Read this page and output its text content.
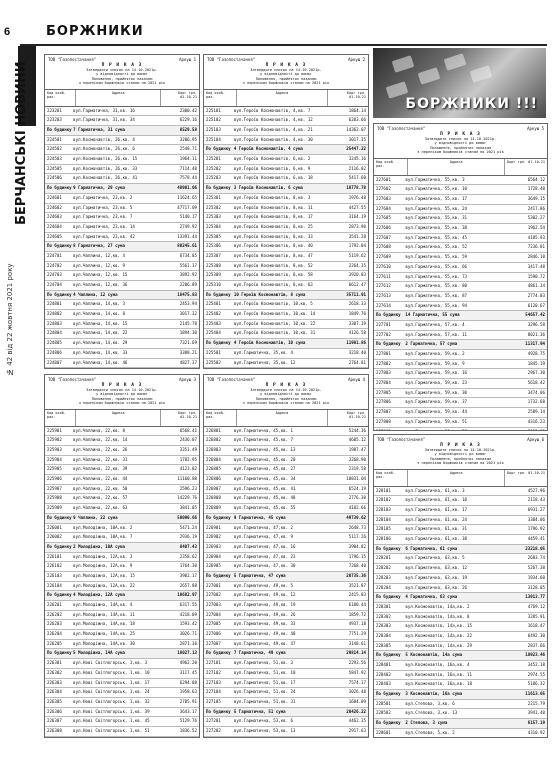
6	БОРЖНИКИ
БЕРЧАНСЬКІ НОВИНИ
№ 42 від 22 жовтня 2021 року
БОРЖНИКИ !!!
ТОВ "Газопостачання"	Аркуш 1
П Р И К А З
Затвердити список на 14.10.2021р.
у відповідності до вимог
Положення, прийнятих наказом
з переліком боржників станом на 2021 рік
Код особ. рах.
Адреса	Борг грн. 01.10.21
223201	вул.Гарматична, 31,кв. 16	2300.42
223203	вул.Гарматична, 31,кв. 34	6229.16
По будинку 7 Гарматична, 31 сума	8529.58
224501	вул.Космонавтів, 26,кв. 4	3206.95
224502	вул.Космонавтів, 26,кв. 6	2548.71
224503	вул.Космонавтів, 26,кв. 15	1964.11
224505	вул.Космонавтів, 26,кв. 33	7114.40
224506	вул.Космонавтів, 26,кв. 41	7578.44
По будинку 9 Гарматична, 29 сума	48901.06
224601	вул.Гарматична, 23,кв. 2	11624.65
224602	вул.Гарматична, 23,кв. 5	47717.09
224603	вул.Гарматична, 23,кв. 7	5140.17
224604	вул.Гарматична, 23,кв. 14	2749.92
224605	вул.Гарматична, 23,кв. 42	13391.44
По будинку 8 Гарматична, 27 сума	80245.61
224701	вул.Чаплина, 12,кв. 4	6734.85
224702	вул.Чаплина, 12,кв. 9	5561.17
224703	вул.Чаплина, 12,кв. 15	3892.92
224704	вул.Чаплина, 12,кв. 36	2286.89
По будинку 4 Чаплина, 12 сума	18475.83
224801	вул.Чаплина, 14,кв. 3	2453.94
224802	вул.Чаплина, 14,кв. 8	3017.32
224803	вул.Чаплина, 14,кв. 15	2145.78
224804	вул.Чаплина, 14,кв. 22	1894.30
224805	вул.Чаплина, 14,кв. 29	7321.69
224806	вул.Чаплина, 14,кв. 33	3388.21
224807	вул.Чаплина, 14,кв. 46	4827.37
ТОВ "Газопостачання"	Аркуш 2
П Р И К А З
Затвердити список на 14.10.2021р.
у відповідності до вимог
Положення, прийнятих наказом
з переліком боржників станом на 2021 рік
Код особ. рах.
Адреса	Борг грн. 01.10.21
225101	вул.Героїв Космонавтів, 4,кв. 7	1864.14
225102	вул.Героїв Космонавтів, 4,кв. 12	6203.66
225103	вул.Героїв Космонавтів, 4,кв. 21	14362.07
225104	вул.Героїв Космонавтів, 4,кв. 30	3017.35
По будинку 4 Героїв Космонавтів, 4 сума	25447.22
225201	вул.Героїв Космонавтів, 6,кв. 2	3245.16
225202	вул.Героїв Космонавтів, 6,кв. 9	2116.02
225203	вул.Героїв Космонавтів, 6,кв. 18	5417.60
По будинку 3 Героїв Космонавтів, 6 сума	10778.78
225301	вул.Героїв Космонавтів, 8,кв. 3	1976.48
225302	вул.Героїв Космонавтів, 8,кв. 11	4427.55
225303	вул.Героїв Космонавтів, 8,кв. 17	3164.19
225304	вул.Героїв Космонавтів, 8,кв. 25	2873.90
225305	вул.Героїв Космонавтів, 8,кв. 33	3541.28
225306	вул.Героїв Космонавтів, 8,кв. 40	1792.04
225307	вул.Героїв Космонавтів, 8,кв. 47	5119.62
225308	вул.Героїв Космонавтів, 8,кв. 52	2264.35
225309	вул.Героїв Космонавтів, 8,кв. 58	3920.03
225310	вул.Героїв Космонавтів, 8,кв. 63	6612.47
По будинку 10 Героїв Космонавтів, 8 сума	35711.91
225401	вул.Героїв Космонавтів, 10,кв. 5	2618.33
225402	вул.Героїв Космонавтів, 10,кв. 14	1849.76
225403	вул.Героїв Космонавтів, 10,кв. 22	3307.19
225404	вул.Героїв Космонавтів, 10,кв. 31	4126.58
По будинку 4 Героїв Космонавтів, 10 сума	11901.86
225501	вул.Гарматична, 35,кв. 4	3218.40
225502	вул.Гарматична, 35,кв. 12	2764.81
ТОВ "Газопостачання"	Аркуш 3
П Р И К А З
Затвердити список на 14.10.2021р.
у відповідності до вимог
Положення, прийнятих наказом
з переліком боржників станом на 2021 рік
Код особ. рах.
Адреса	Борг грн. 01.10.21
225901	вул.Чаплина, 22,кв. 8	6568.41
225902	вул.Чаплина, 22,кв. 14	2436.07
225903	вул.Чаплина, 22,кв. 26	3351.49
225904	вул.Чаплина, 22,кв. 31	1782.95
225905	вул.Чаплина, 22,кв. 39	4123.82
225906	вул.Чаплина, 22,кв. 44	11160.88
225907	вул.Чаплина, 22,кв. 50	2596.23
225908	вул.Чаплина, 22,кв. 57	14229.76
225909	вул.Чаплина, 22,кв. 63	3841.05
По будинку 9 Чаплина, 22 сума	50090.66
226001	вул.Молодіжна, 10А,кв. 2	5471.24
226002	вул.Молодіжна, 10А,кв. 7	2936.19
По будинку 2 Молодіжна, 10А сума	8407.43
226101	вул.Молодіжна, 12А,кв. 3	2358.62
226102	вул.Молодіжна, 12А,кв. 9	1764.30
226103	вул.Молодіжна, 12А,кв. 15	3902.17
226104	вул.Молодіжна, 12А,кв. 22	2657.88
По будинку 4 Молодіжна, 12А сума	10682.97
226201	вул.Молодіжна, 14А,кв. 4	6317.55
226202	вул.Молодіжна, 14А,кв. 11	4218.09
226203	вул.Молодіжна, 14А,кв. 18	1593.42
226204	вул.Молодіжна, 14А,кв. 25	3026.71
226205	вул.Молодіжна, 14А,кв. 30	2871.36
По будинку 5 Молодіжна, 14А сума	18027.13
226301	вул.Нові Світлогорськ, 1,кв. 3	4962.20
226302	вул.Нові Світлогорськ, 1,кв. 10	3117.45
226303	вул.Нові Світлогорськ, 1,кв. 17	6294.08
226304	вул.Нові Світлогорськ, 1,кв. 24	1958.63
226305	вул.Нові Світлогорськ, 1,кв. 32	2785.91
226306	вул.Нові Світлогорськ, 1,кв. 39	3643.17
226307	вул.Нові Світлогорськ, 1,кв. 45	5129.76
226308	вул.Нові Світлогорськ, 1,кв. 51	1836.52
ТОВ "Газопостачання"	Аркуш 4
П Р И К А З
Затвердити список на 14.10.2021р.
у відповідності до вимог
Положення, прийнятих наказом
з переліком боржників станом на 2021 рік
Код особ. рах.
Адреса	Борг грн. 01.10.21
226801	вул.Гарматична, 45,кв. 1	5244.36
226802	вул.Гарматична, 45,кв. 7	4605.12
226803	вул.Гарматична, 45,кв. 13	1987.47
226804	вул.Гарматична, 45,кв. 20	3268.90
226805	вул.Гарматична, 45,кв. 27	2319.58
226806	вул.Гарматична, 45,кв. 34	18831.04
226807	вул.Гарматична, 45,кв. 41	6524.19
226808	вул.Гарматична, 45,кв. 48	2776.30
226809	вул.Гарматична, 45,кв. 55	4182.66
По будинку 9 Гарматична, 45 сума	49739.62
226901	вул.Гарматична, 47,кв. 2	2648.73
226902	вул.Гарматична, 47,кв. 9	5117.26
226903	вул.Гарматична, 47,кв. 16	3904.82
226904	вул.Гарматична, 47,кв. 23	1796.15
226905	вул.Гарматична, 47,кв. 30	7268.40
По будинку 5 Гарматична, 47 сума	20735.36
227001	вул.Гарматична, 49,кв. 5	3521.87
227002	вул.Гарматична, 49,кв. 12	2415.03
227003	вул.Гарматична, 49,кв. 19	6180.44
227004	вул.Гарматична, 49,кв. 26	1859.72
227005	вул.Гарматична, 49,кв. 33	4937.18
227006	вул.Гарматична, 49,кв. 40	7751.29
227007	вул.Гарматична, 49,кв. 47	3148.61
По будинку 7 Гарматична, 49 сума	29814.14
227101	вул.Гарматична, 51,кв. 3	2293.56
227102	вул.Гарматична, 51,кв. 10	5847.92
227103	вул.Гарматична, 51,кв. 17	7574.17
227104	вул.Гарматична, 51,кв. 24	3026.48
227105	вул.Гарматична, 51,кв. 31	1684.09
По будинку 5 Гарматична, 51 сума	20426.22
227201	вул.Гарматична, 53,кв. 6	4462.35
227202	вул.Гарматична, 53,кв. 13	2917.63
ТОВ "Газопостачання"	Аркуш 5
П Р И К А З
Затвердити список на 14.10.2021р.
у відповідності до вимог
Положення, прийнятих наказом
з переліком боржників станом на 2021 рік
Код особ. рах.
Адреса	Борг грн. 01.10.21
227601	вул.Гарматична, 55,кв. 3	6564.12
227602	вул.Гарматична, 55,кв. 10	1728.40
227603	вул.Гарматична, 55,кв. 17	3649.15
227604	вул.Гарматична, 55,кв. 24	2417.86
227605	вул.Гарматична, 55,кв. 31	5302.27
227606	вул.Гарматична, 55,кв. 38	1962.54
227607	вул.Гарматична, 55,кв. 45	4185.93
227608	вул.Гарматична, 55,кв. 52	7236.81
227609	вул.Гарматична, 55,кв. 59	2846.10
227610	вул.Гарматична, 55,кв. 66	3417.48
227611	вул.Гарматична, 55,кв. 73	1590.72
227612	вул.Гарматична, 55,кв. 80	4861.34
227613	вул.Гарматична, 55,кв. 87	2774.03
227614	вул.Гарматична, 55,кв. 94	6120.67
По будинку	14 Гарматична, 55 сума	54657.42
227701	вул.Гарматична, 57,кв. 4	3296.58
227702	вул.Гарматична, 57,кв. 11	8021.36
По будинку	2 Гарматична, 57 сума	11317.94
227801	вул.Гарматична, 59,кв. 2	4928.75
227802	вул.Гарматична, 59,кв. 9	1845.19
227803	вул.Гарматична, 59,кв. 16	2967.30
227804	вул.Гарматична, 59,кв. 23	5618.42
227805	вул.Гарматична, 59,кв. 30	3474.06
227806	вул.Гарматична, 59,кв. 37	1732.68
227807	вул.Гарматична, 59,кв. 44	2589.14
227808	вул.Гарматична, 59,кв. 51	4316.23
227809	вул.Гарматична, 59,кв. 58	2193.85
ТОВ "Газопостачання"	Аркуш 6
П Р И К А З
Затвердити список на 14.10.2021р.
у відповідності до вимог
Положення, прийнятих наказом
з переліком боржників станом на 2021 рік
Код особ. рах.
Адреса	Борг грн. 01.10.21
228101	вул.Гарматична, 61,кв. 3	4527.96
228102	вул.Гарматична, 61,кв. 10	2118.43
228103	вул.Гарматична, 61,кв. 17	6931.27
228104	вул.Гарматична, 61,кв. 24	3384.06
228105	вул.Гарматична, 61,кв. 31	1796.92
228106	вул.Гарматична, 61,кв. 38	4459.41
По будинку	6 Гарматична, 61 сума	23218.05
228201	вул.Гарматична, 63,кв. 5	2683.74
228202	вул.Гарматична, 63,кв. 12	5267.38
228203	вул.Гарматична, 63,кв. 19	1934.60
228204	вул.Гарматична, 63,кв. 26	3128.05
По будинку	4 Гарматична, 63 сума	13013.77
228301	вул.Космонавтів, 14а,кв. 2	4769.12
228302	вул.Космонавтів, 14а,кв. 8	3205.91
228303	вул.Космонавтів, 14а,кв. 15	1618.47
228304	вул.Космонавтів, 14а,кв. 22	6492.30
228305	вул.Космонавтів, 14а,кв. 29	2837.66
По будинку	5 Космонавтів, 14а сума	18923.46
228401	вул.Космонавтів, 16а,кв. 4	3452.18
228402	вул.Космонавтів, 16а,кв. 11	2974.55
228403	вул.Космонавтів, 16а,кв. 18	5186.32
По будинку	3 Космонавтів, 16а сума	11613.05
228501	вул.Степова, 3,кв. 6	2215.79
228502	вул.Степова, 3,кв. 13	3941.40
По будинку	2 Степова, 3 сума	6157.19
228601	вул.Степова, 5,кв. 2	4310.92
